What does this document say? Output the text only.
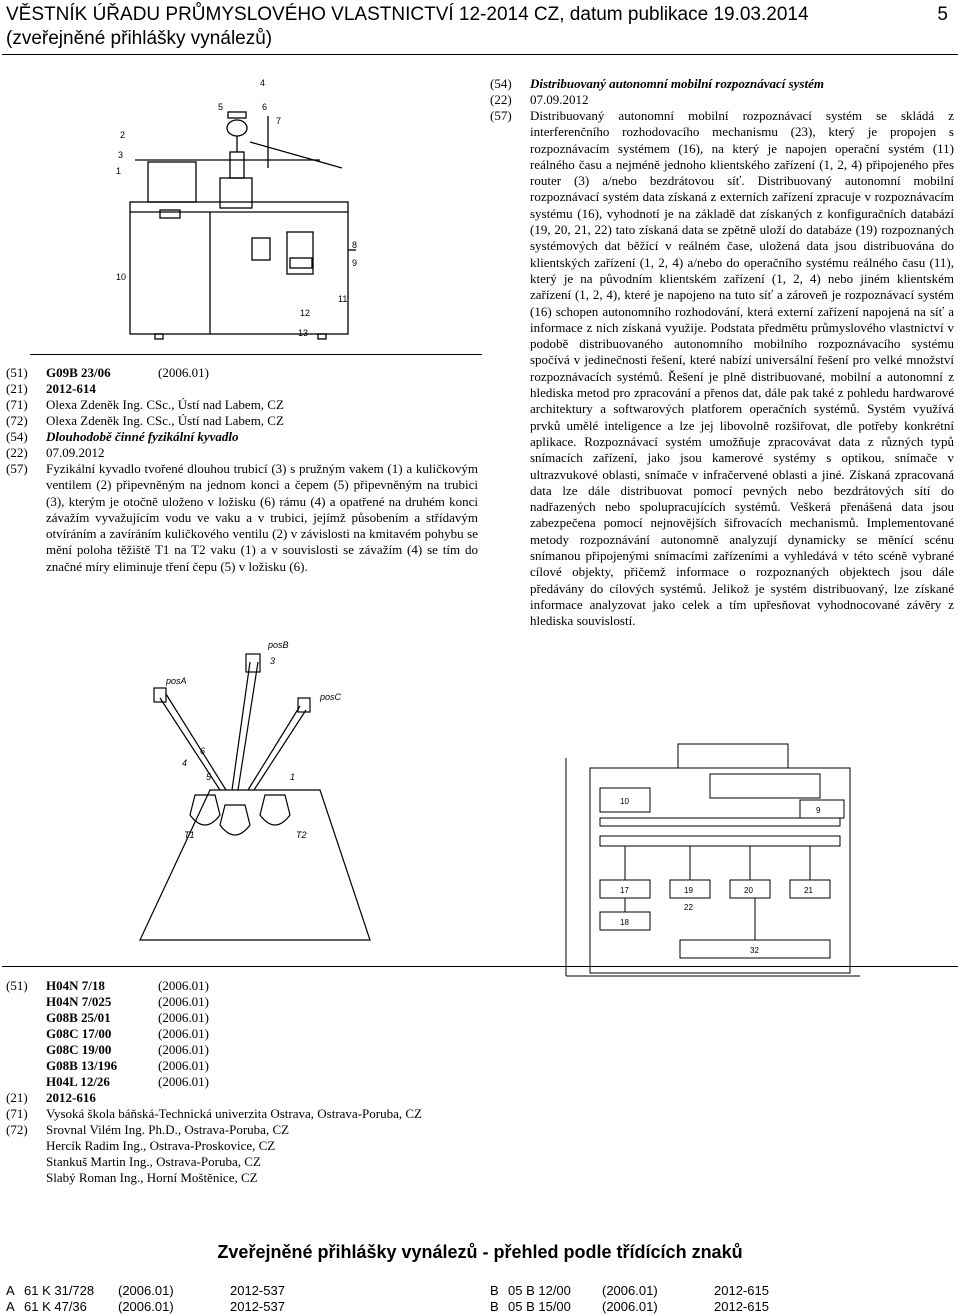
VĚSTNÍK ÚŘADU PRŮMYSLOVÉHO VLASTNICTVÍ 12-2014 CZ, datum publikace 19.03.2014
(zveřejněné přihlášky vynálezů)
5
2
3
1
10
4
5	6
7
8
9
11
12
13
(51) G09B 23/06	(2006.01)
(21) 2012-614
(71) Olexa Zdeněk Ing. CSc., Ústí nad Labem, CZ
(72) Olexa Zdeněk Ing. CSc., Ústí nad Labem, CZ
(54) Dlouhodobě činné fyzikální kyvadlo
(22) 07.09.2012
(57) Fyzikální kyvadlo tvořené dlouhou trubicí (3) s pružným vakem (1) a kuličkovým ventilem (2) připevněným na jednom konci a čepem (5) připevněným na trubici (3), kterým je otočně uloženo v ložisku (6) rámu (4) a opatřené na druhém konci závažím vyvažujícím vodu ve vaku a v trubici, jejímž působením a střídavým otvíráním a zavíráním kuličkového ventilu (2) v závislosti na kmitavém pohybu se mění poloha těžiště T1 na T2 vaku (1) a v souvislosti se závažím (4) se tím do značné míry eliminuje tření čepu (5) v ložisku (6).
posB
posA
posC
3
4
5
6
1
T1	T2
(54) Distribuovaný autonomní mobilní rozpoznávací systém
(22) 07.09.2012
(57) Distribuovaný autonomní mobilní rozpoznávací systém se skládá z interferenčního rozhodovacího mechanismu (23), který je propojen s rozpoznávacím systémem (16), na který je napojen operační systém (11) reálného času a nejméně jednoho klientského zařízení (1, 2, 4) připojeného přes router (3) a/nebo bezdrátovou síť. Distribuovaný autonomní mobilní rozpoznávací systém data získaná z externích zařízení zpracuje v rozpoznávacím systému (16), vyhodnotí je na základě dat získaných z konfiguračních databází (19, 20, 21, 22) tato získaná data se zpětně uloží do databáze (19) rozpoznaných systémových dat běžící v reálném čase, uložená data jsou distribuována do klientských zařízení (1, 2, 4) a/nebo do operačního systému reálného času (11), který je na původním klientském zařízení (1, 2, 4) nebo jiném klientském zařízení (1, 2, 4), které je napojeno na tuto síť a zároveň je rozpoznávací systém (16) schopen autonomního rozhodování, která externí zařízení napojená na síť a informace z nich získaná využije. Podstata předmětu průmyslového vlastnictví v podobě distribuovaného autonomního mobilního rozpoznávacího systému spočívá v jedinečnosti řešení, které nabízí universální řešení pro velké množství rozpoznávacích systémů. Řešení je plně distribuované, mobilní a autonomní z hlediska metod pro zpracování a přenos dat, dále pak také z pohledu hardwarové architektury a softwarových platforem operačních systémů. Systém využívá prvků umělé inteligence a lze jej libovolně rozšiřovat, dle potřeby konkrétní aplikace. Rozpoznávací systém umožňuje zpracovávat data z různých typů snímacích zařízení, jako jsou kamerové systémy s optikou, snímače v ultrazvukové oblasti, snímače v infračervené oblasti a jiné. Získaná zpracovaná data lze dále distribuovat pomocí pevných nebo bezdrátových sítí do nadřazených nebo spolupracujících systémů. Veškerá přenášená data jsou zabezpečena pomocí nejnovějších šifrovacích mechanismů. Implementované metody rozpoznávání autonomně analyzují dynamicky se měnící scénu snímanou připojenými snímacími zařízeními a vyhledává v této scéně vybrané cílové objekty, přičemž informace o rozpoznaných objektech jsou dále předávány do cílových systémů. Jelikož je systém distribuovaný, lze získané informace analyzovat jako celek a tím upřesňovat vyhodnocované závěry z hlediska souvislostí.
10
9
17	19	20	21
22
18
32
(51) H04N 7/18	(2006.01)
H04N 7/025	(2006.01)
G08B 25/01	(2006.01)
G08C 17/00	(2006.01)
G08C 19/00	(2006.01)
G08B 13/196	(2006.01)
H04L 12/26	(2006.01)
(21) 2012-616
(71) Vysoká škola báňská-Technická univerzita Ostrava, Ostrava-Poruba, CZ
(72) Srovnal Vilém Ing. Ph.D., Ostrava-Poruba, CZ
Hercík Radim Ing., Ostrava-Proskovice, CZ
Stankuš Martin Ing., Ostrava-Poruba, CZ
Slabý Roman Ing., Horní Moštěnice, CZ
Zveřejněné přihlášky vynálezů - přehled podle třídících znaků
A 61 K 31/728 (2006.01)	2012-537
A 61 K 47/36 (2006.01)	2012-537
B 05 B 12/00 (2006.01)	2012-615
B 05 B 15/00 (2006.01)	2012-615
